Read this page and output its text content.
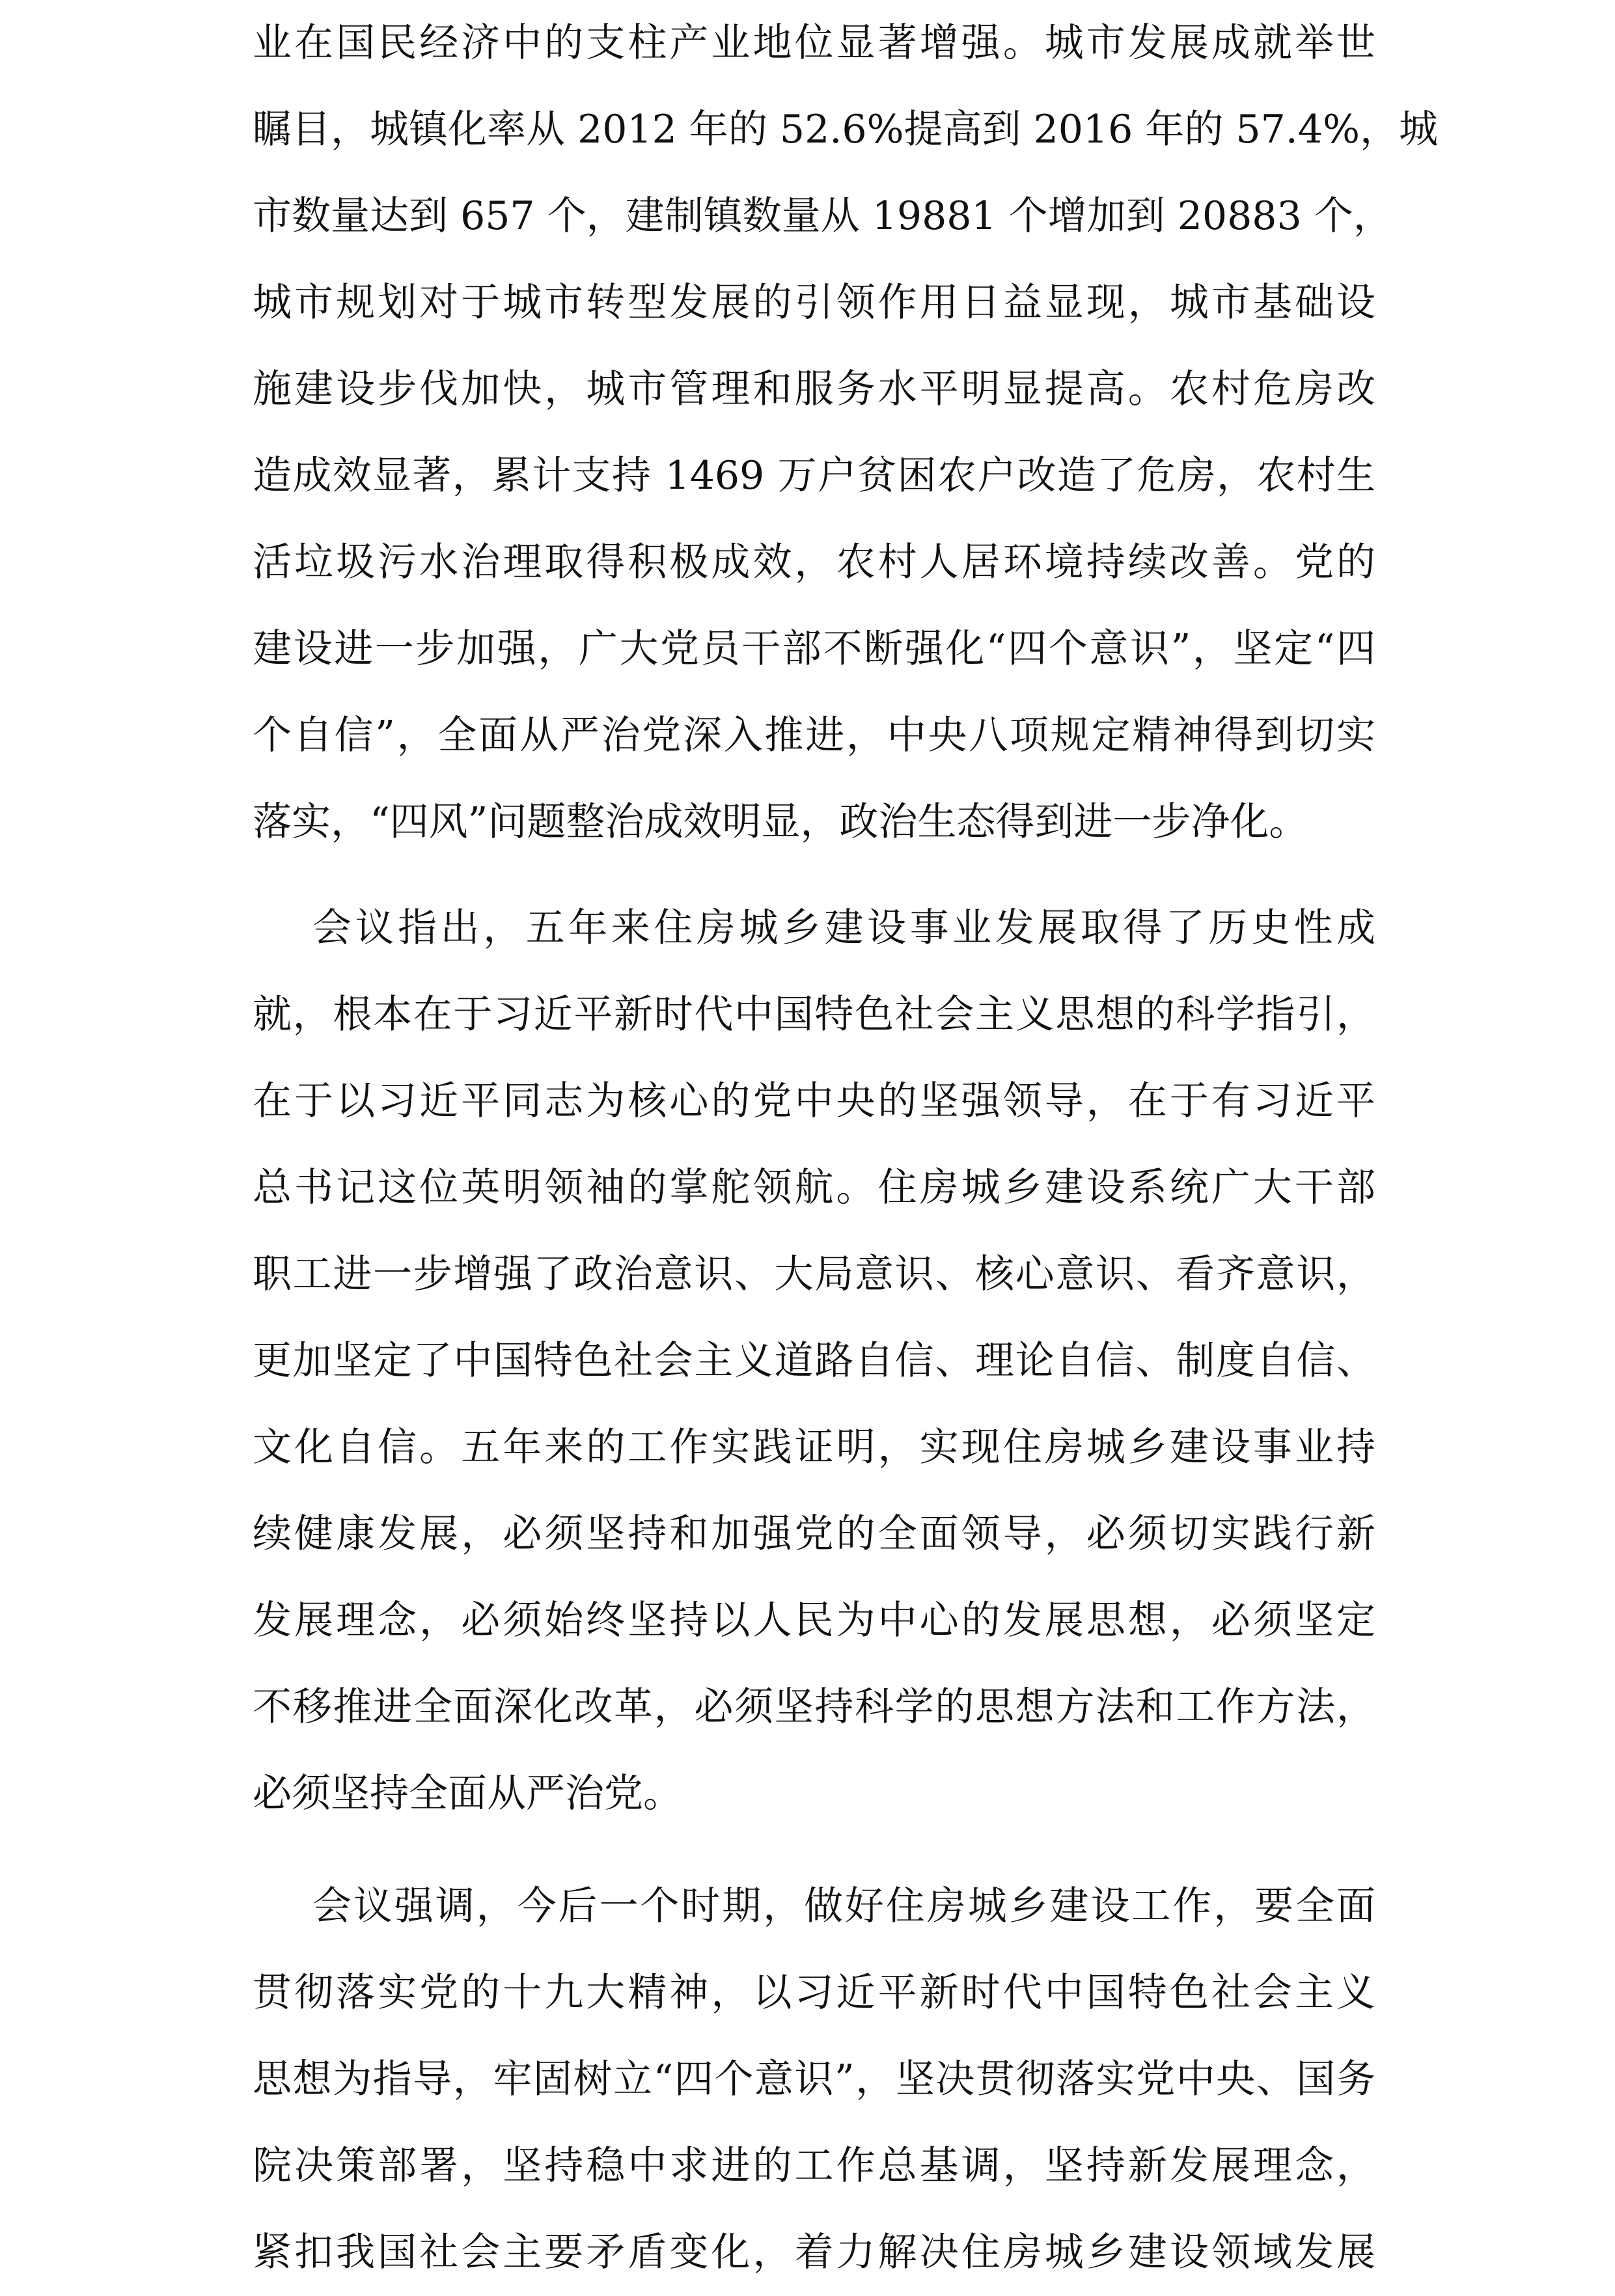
业在国民经济中的支柱产业地位显著增强。城市发展成就举世
瞩目，城镇化率从 2012 年的 52.6%提高到 2016 年的 57.4%，城
市数量达到 657 个，建制镇数量从 19881 个增加到 20883 个，
城市规划对于城市转型发展的引领作用日益显现，城市基础设
施建设步伐加快，城市管理和服务水平明显提高。农村危房改
造成效显著，累计支持 1469 万户贫困农户改造了危房，农村生
活垃圾污水治理取得积极成效，农村人居环境持续改善。党的
建设进一步加强，广大党员干部不断强化“四个意识”，坚定“四
个自信”，全面从严治党深入推进，中央八项规定精神得到切实
落实，“四风”问题整治成效明显，政治生态得到进一步净化。
会议指出，五年来住房城乡建设事业发展取得了历史性成
就，根本在于习近平新时代中国特色社会主义思想的科学指引，
在于以习近平同志为核心的党中央的坚强领导，在于有习近平
总书记这位英明领袖的掌舵领航。住房城乡建设系统广大干部
职工进一步增强了政治意识、大局意识、核心意识、看齐意识，
更加坚定了中国特色社会主义道路自信、理论自信、制度自信、
文化自信。五年来的工作实践证明，实现住房城乡建设事业持
续健康发展，必须坚持和加强党的全面领导，必须切实践行新
发展理念，必须始终坚持以人民为中心的发展思想，必须坚定
不移推进全面深化改革，必须坚持科学的思想方法和工作方法，
必须坚持全面从严治党。
会议强调，今后一个时期，做好住房城乡建设工作，要全面
贯彻落实党的十九大精神，以习近平新时代中国特色社会主义
思想为指导，牢固树立“四个意识”，坚决贯彻落实党中央、国务
院决策部署，坚持稳中求进的工作总基调，坚持新发展理念，
紧扣我国社会主要矛盾变化，着力解决住房城乡建设领域发展
